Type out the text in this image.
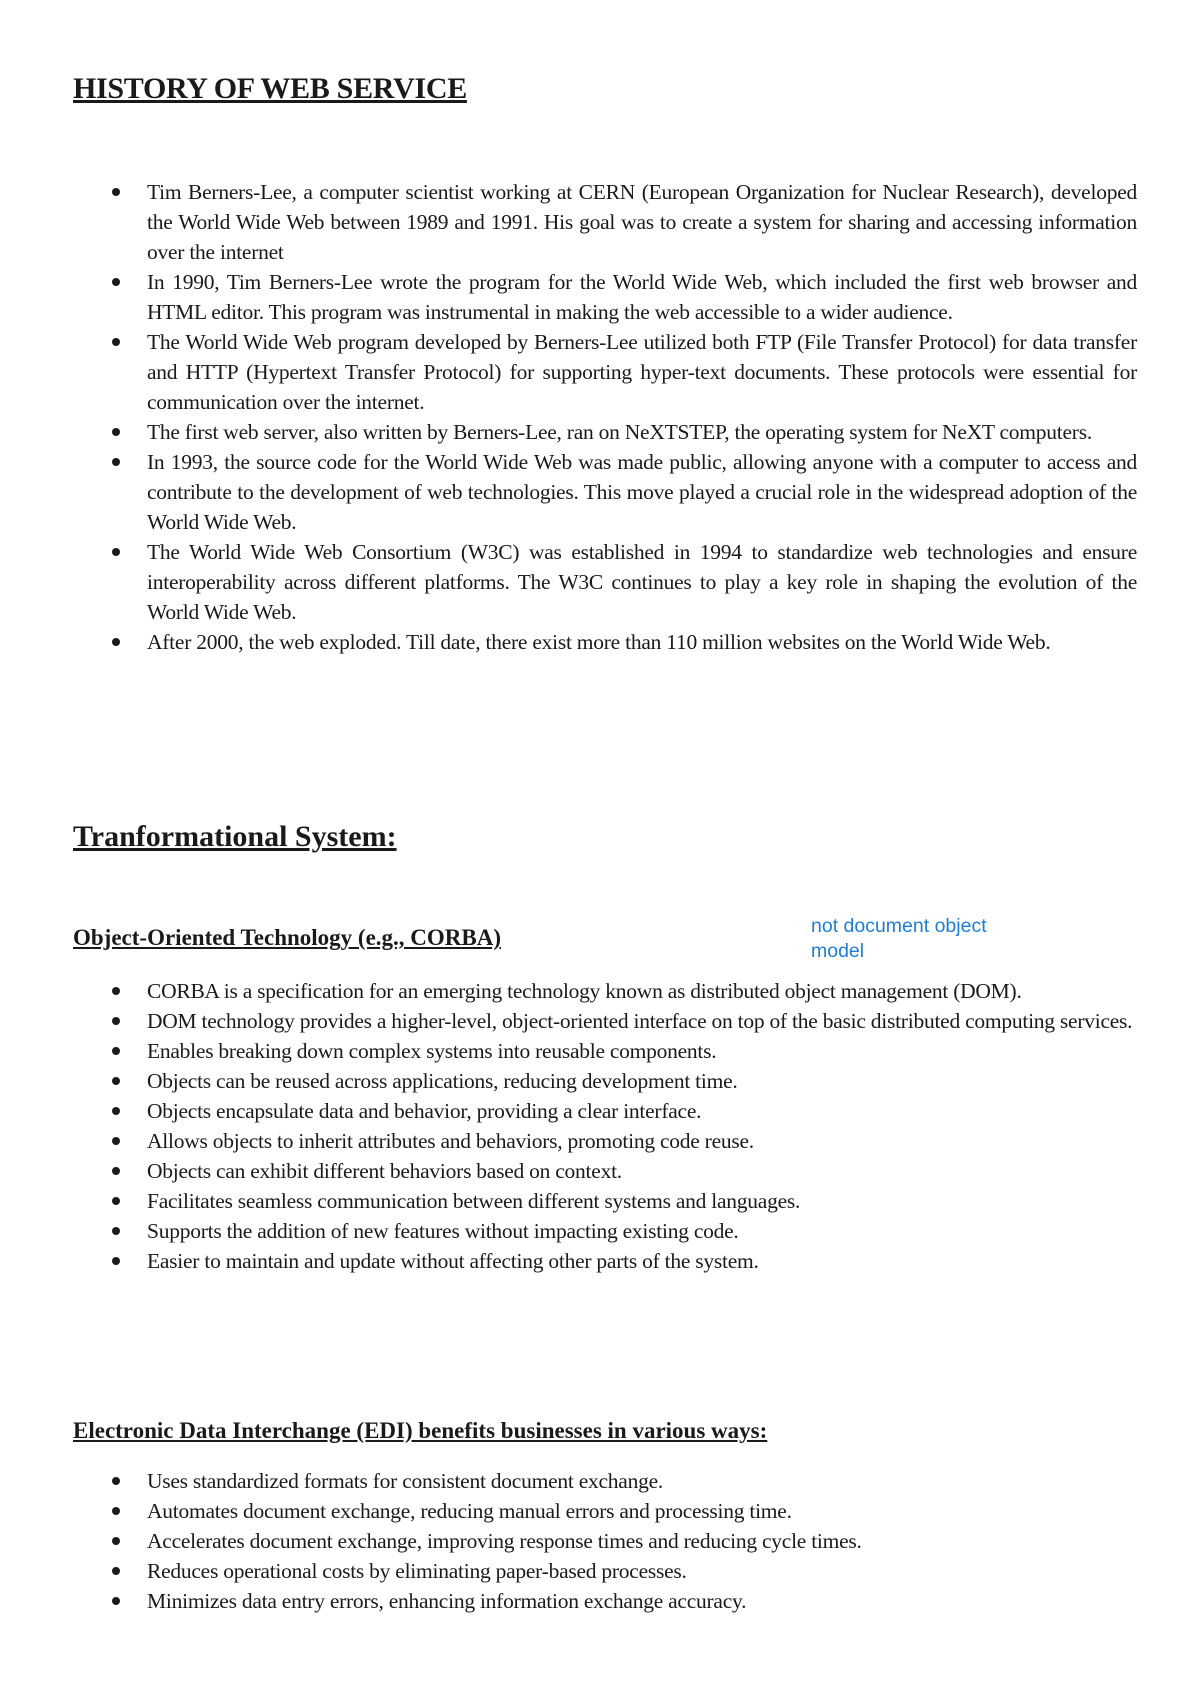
HISTORY OF WEB SERVICE
Tim Berners-Lee, a computer scientist working at CERN (European Organization for Nuclear Research), developed the World Wide Web between 1989 and 1991. His goal was to create a system for sharing and accessing information over the internet
In 1990, Tim Berners-Lee wrote the program for the World Wide Web, which included the first web browser and HTML editor. This program was instrumental in making the web accessible to a wider audience.
The World Wide Web program developed by Berners-Lee utilized both FTP (File Transfer Protocol) for data transfer and HTTP (Hypertext Transfer Protocol) for supporting hyper-text documents. These protocols were essential for communication over the internet.
The first web server, also written by Berners-Lee, ran on NeXTSTEP, the operating system for NeXT computers.
In 1993, the source code for the World Wide Web was made public, allowing anyone with a computer to access and contribute to the development of web technologies. This move played a crucial role in the widespread adoption of the World Wide Web.
The World Wide Web Consortium (W3C) was established in 1994 to standardize web technologies and ensure interoperability across different platforms. The W3C continues to play a key role in shaping the evolution of the World Wide Web.
After 2000, the web exploded. Till date, there exist more than 110 million websites on the World Wide Web.
Tranformational System:
Object-Oriented Technology (e.g., CORBA)	not document object model
CORBA is a specification for an emerging technology known as distributed object management (DOM).
DOM technology provides a higher-level, object-oriented interface on top of the basic distributed computing services.
Enables breaking down complex systems into reusable components.
Objects can be reused across applications, reducing development time.
Objects encapsulate data and behavior, providing a clear interface.
Allows objects to inherit attributes and behaviors, promoting code reuse.
Objects can exhibit different behaviors based on context.
Facilitates seamless communication between different systems and languages.
Supports the addition of new features without impacting existing code.
Easier to maintain and update without affecting other parts of the system.
Electronic Data Interchange (EDI) benefits businesses in various ways:
Uses standardized formats for consistent document exchange.
Automates document exchange, reducing manual errors and processing time.
Accelerates document exchange, improving response times and reducing cycle times.
Reduces operational costs by eliminating paper-based processes.
Minimizes data entry errors, enhancing information exchange accuracy.
